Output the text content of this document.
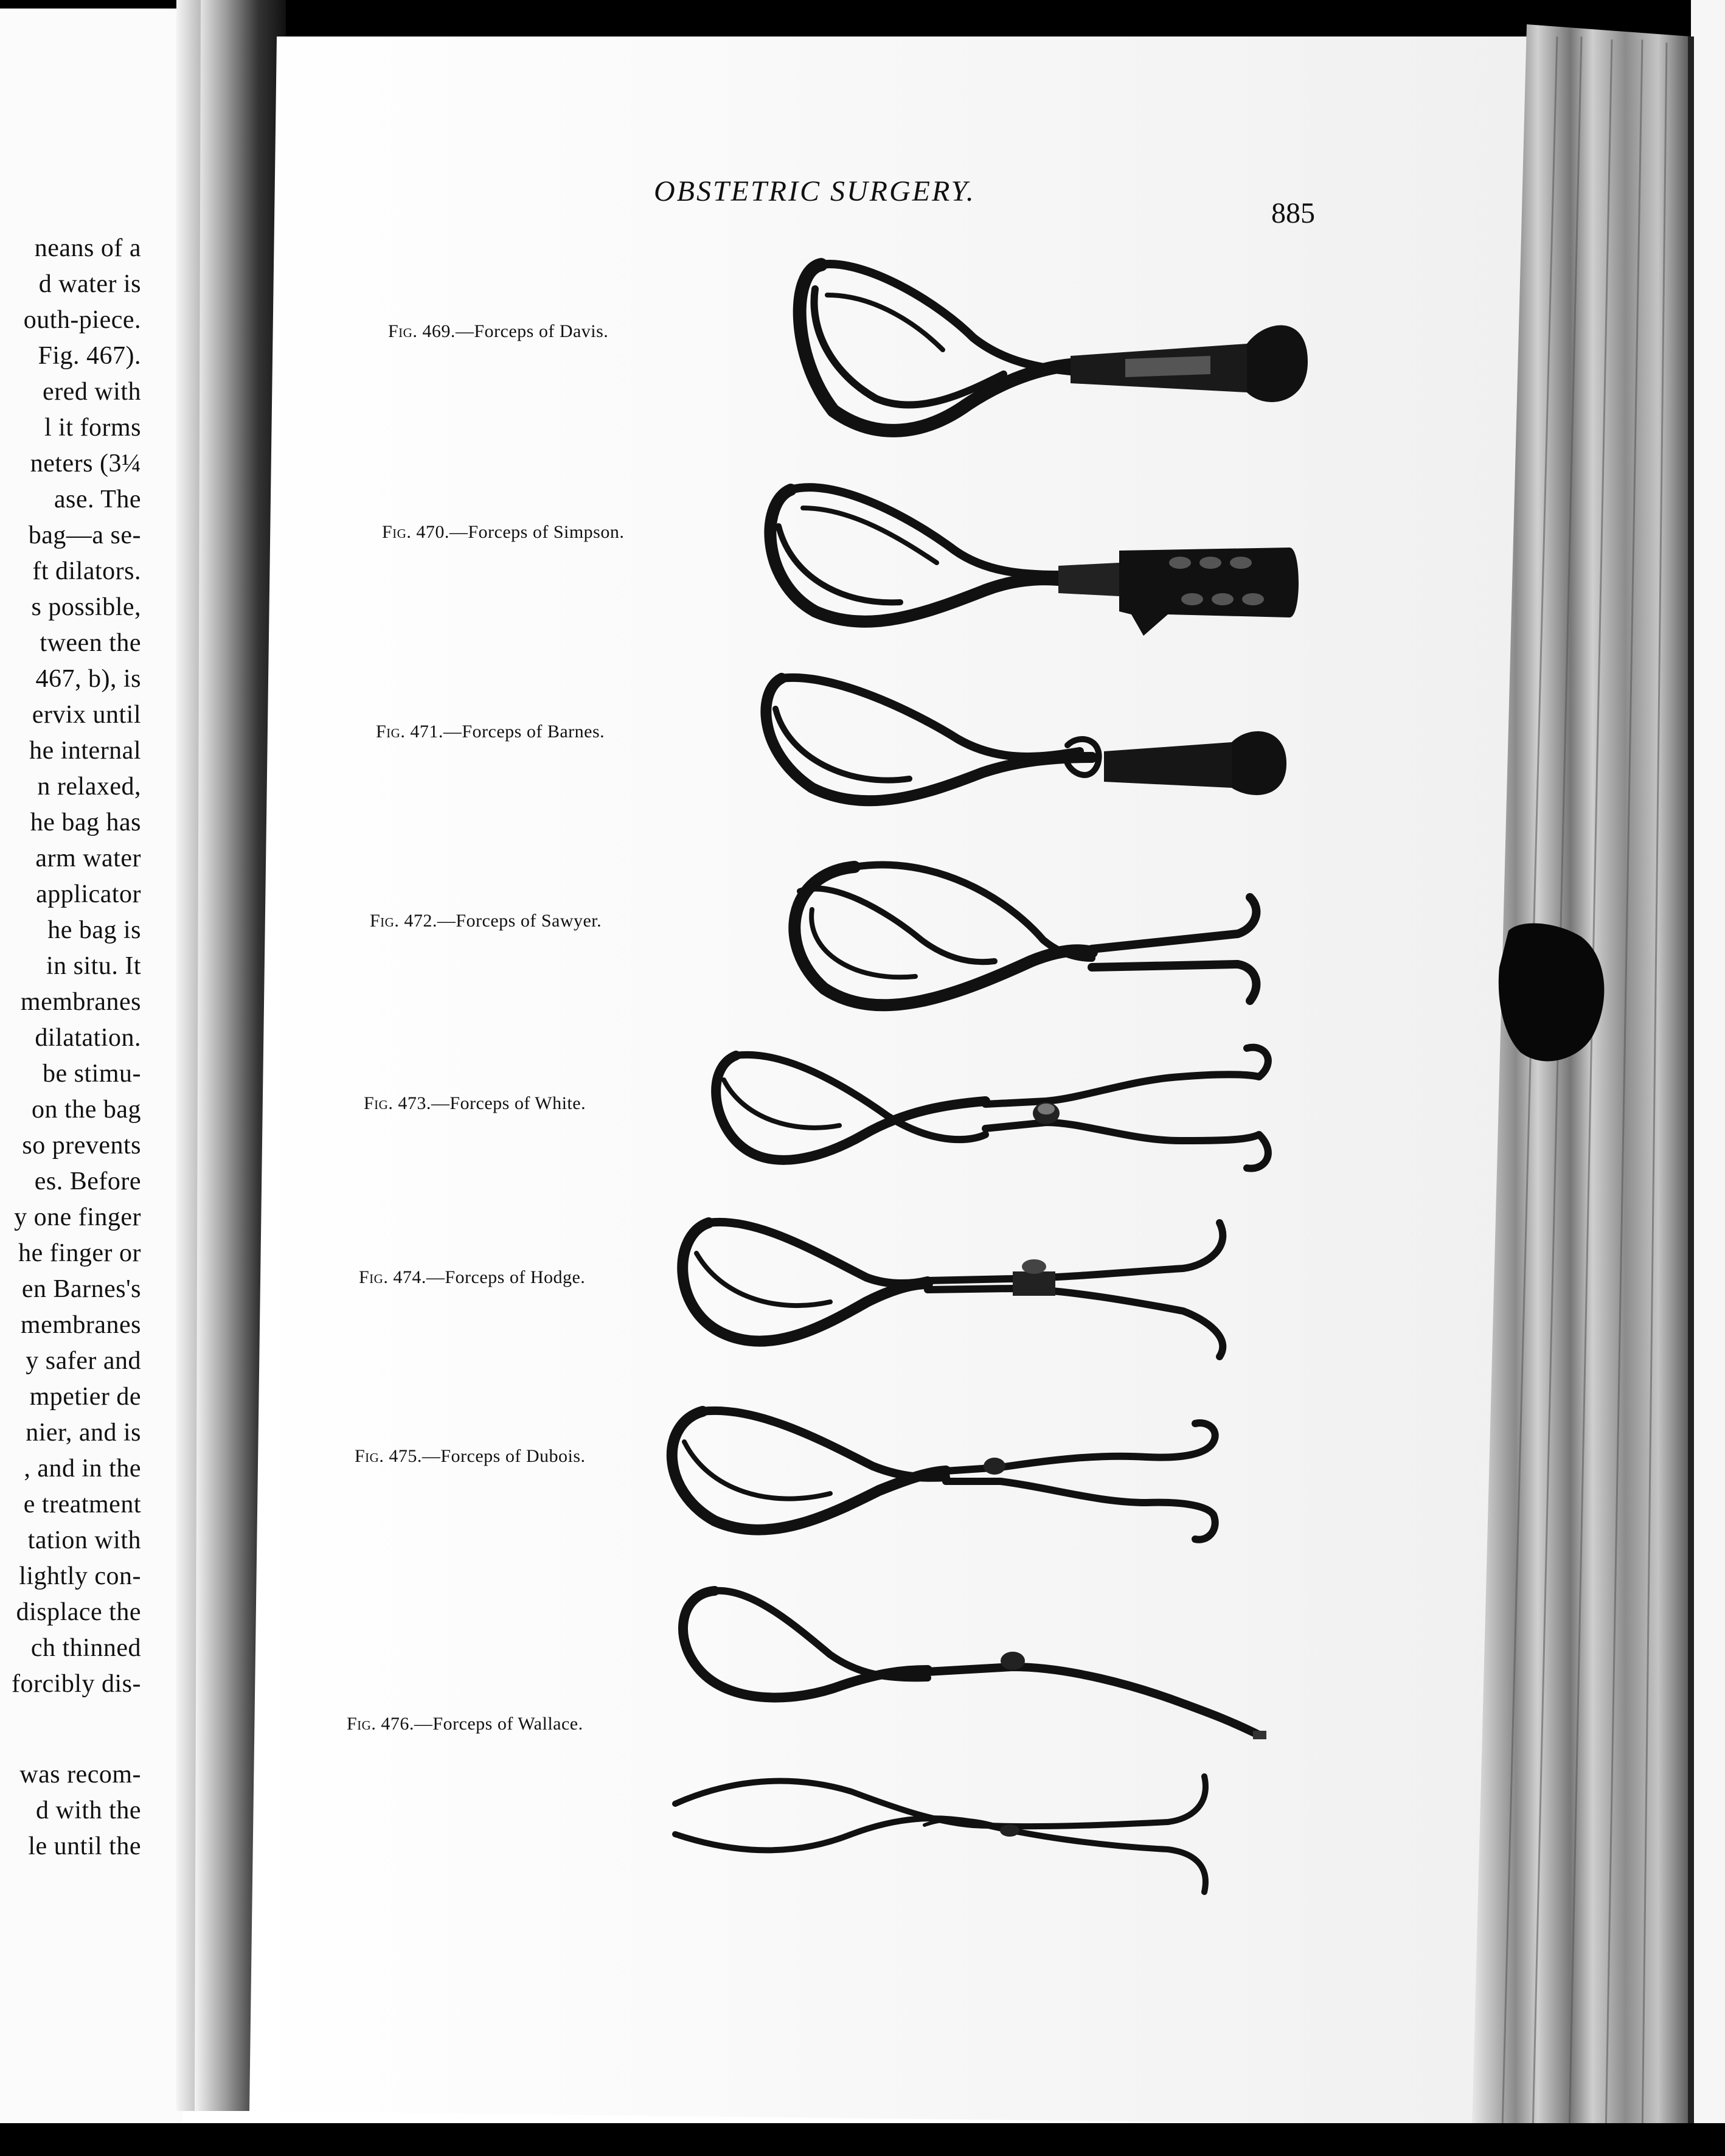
neans of a
d water is
outh-piece.
Fig. 467).
ered with
l it forms
neters (3¼
ase. The
bag—a se-
ft dilators.
s possible,
tween the
467, b), is
ervix until
he internal
n relaxed,
he bag has
arm water
applicator
he bag is
in situ. It
membranes
dilatation.
be stimu-
on the bag
so prevents
es. Before
y one finger
he finger or
en Barnes's
membranes
y safer and
mpetier de
nier, and is
, and in the
e treatment
tation with
lightly con-
displace the
ch thinned
forcibly dis-
was recom-
d with the
le until the
OBSTETRIC SURGERY.
885
Fig. 469.—Forceps of Davis.
Fig. 470.—Forceps of Simpson.
Fig. 471.—Forceps of Barnes.
Fig. 472.—Forceps of Sawyer.
Fig. 473.—Forceps of White.
Fig. 474.—Forceps of Hodge.
Fig. 475.—Forceps of Dubois.
Fig. 476.—Forceps of Wallace.
